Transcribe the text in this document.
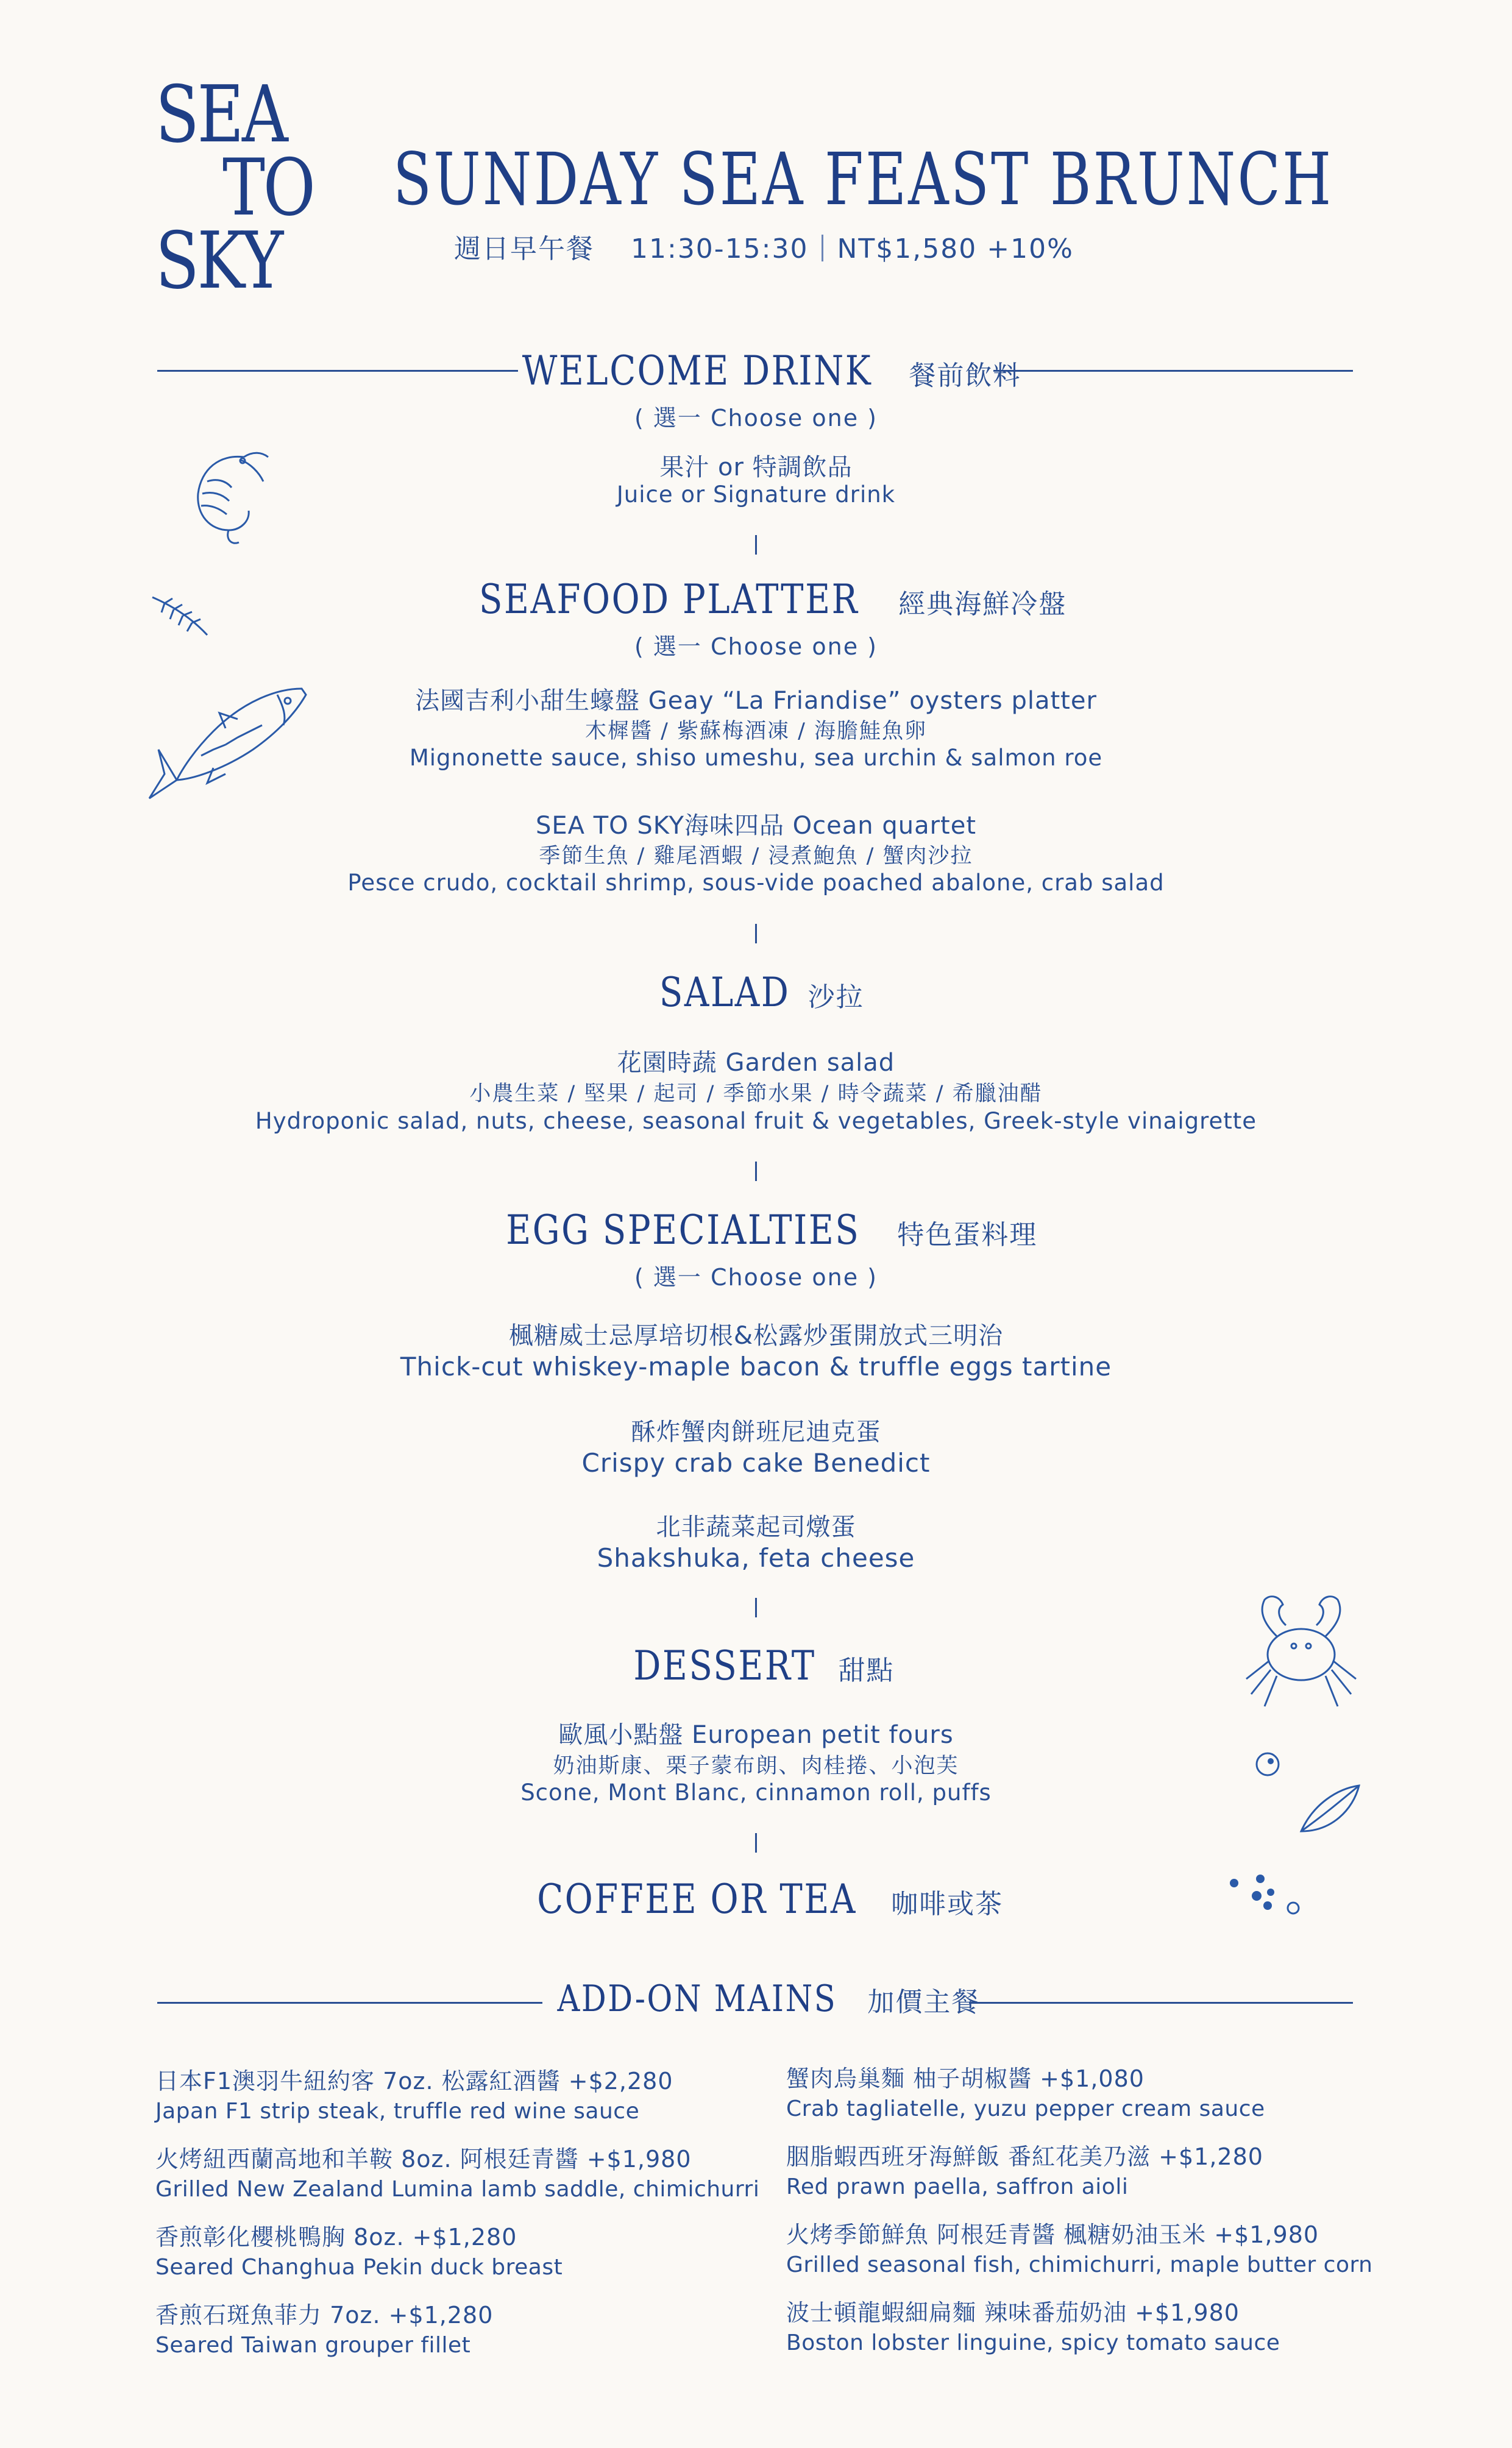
SEA
TO
SKY
SUNDAY SEA FEAST BRUNCH
週日早午餐 11:30-15:30 NT$1,580 +10%
WELCOME DRINK 餐前飲料
( 選一 Choose one )
果汁 or 特調飲品
Juice or Signature drink
SEAFOOD PLATTER 經典海鮮冷盤
( 選一 Choose one )
法國吉利小甜生蠔盤 Geay “La Friandise” oysters platter
木樨醬 / 紫蘇梅酒凍 / 海膽鮭魚卵
Mignonette sauce, shiso umeshu, sea urchin & salmon roe
SEA TO SKY海味四品 Ocean quartet
季節生魚 / 雞尾酒蝦 / 浸煮鮑魚 / 蟹肉沙拉
Pesce crudo, cocktail shrimp, sous-vide poached abalone, crab salad
SALAD 沙拉
花園時蔬 Garden salad
小農生菜 / 堅果 / 起司 / 季節水果 / 時令蔬菜 / 希臘油醋
Hydroponic salad, nuts, cheese, seasonal fruit & vegetables, Greek-style vinaigrette
EGG SPECIALTIES 特色蛋料理
( 選一 Choose one )
楓糖威士忌厚培切根&松露炒蛋開放式三明治
Thick-cut whiskey-maple bacon & truffle eggs tartine
酥炸蟹肉餅班尼迪克蛋
Crispy crab cake Benedict
北非蔬菜起司燉蛋
Shakshuka, feta cheese
DESSERT 甜點
歐風小點盤 European petit fours
奶油斯康、栗子蒙布朗、肉桂捲、小泡芙
Scone, Mont Blanc, cinnamon roll, puffs
COFFEE OR TEA 咖啡或茶
ADD-ON MAINS 加價主餐
日本F1澳羽牛紐約客 7oz. 松露紅酒醬 +$2,280
Japan F1 strip steak, truffle red wine sauce
火烤紐西蘭高地和羊鞍 8oz. 阿根廷青醬 +$1,980
Grilled New Zealand Lumina lamb saddle, chimichurri
香煎彰化櫻桃鴨胸 8oz. +$1,280
Seared Changhua Pekin duck breast
香煎石斑魚菲力 7oz. +$1,280
Seared Taiwan grouper fillet
蟹肉烏巢麵 柚子胡椒醬 +$1,080
Crab tagliatelle, yuzu pepper cream sauce
胭脂蝦西班牙海鮮飯 番紅花美乃滋 +$1,280
Red prawn paella, saffron aioli
火烤季節鮮魚 阿根廷青醬 楓糖奶油玉米 +$1,980
Grilled seasonal fish, chimichurri, maple butter corn
波士頓龍蝦細扁麵 辣味番茄奶油 +$1,980
Boston lobster linguine, spicy tomato sauce
